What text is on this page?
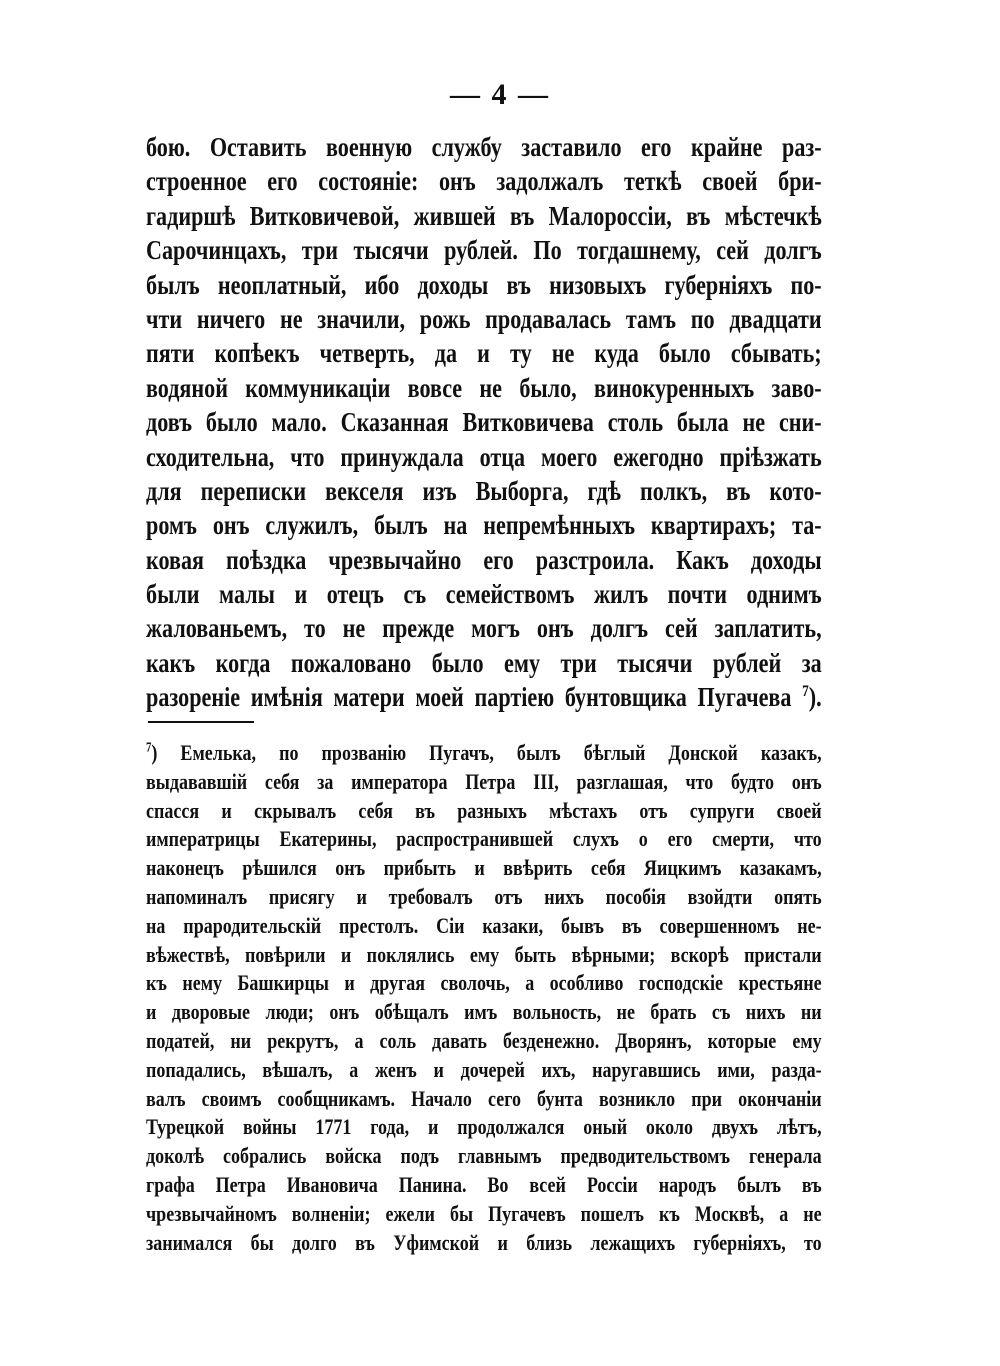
— 4 —
бою. Оставить военную службу заставило его крайне раз-
строенное его состоянiе: онъ задолжалъ теткѣ своей бри-
гадиршѣ Витковичевой, жившей въ Малороссiи, въ мѣстечкѣ
Сарочинцахъ, три тысячи рублей. По тогдашнему, сей долгъ
былъ неоплатный, ибо доходы въ низовыхъ губернiяхъ по-
чти ничего не значили, рожь продавалась тамъ по двадцати
пяти копѣекъ четверть, да и ту не куда было сбывать;
водяной коммуникацiи вовсе не было, винокуренныхъ заво-
довъ было мало. Сказанная Витковичева столь была не сни-
сходительна, что принуждала отца моего ежегодно прiѣзжать
для переписки векселя изъ Выборга, гдѣ полкъ, въ кото-
ромъ онъ служилъ, былъ на непремѣнныхъ квартирахъ; та-
ковая поѣздка чрезвычайно его разстроила. Какъ доходы
были малы и отецъ съ семействомъ жилъ почти однимъ
жалованьемъ, то не прежде могъ онъ долгъ сей заплатить,
какъ когда пожаловано было ему три тысячи рублей за
разоренiе имѣнiя матери моей партiею бунтовщика Пугачева $^7$).
$^7$) Емелька, по прозванiю Пугачъ, былъ бѣглый Донской казакъ,
выдававшiй себя за императора Петра III, разглашая, что будто онъ
спасся и скрывалъ себя въ разныхъ мѣстахъ отъ супруги своей
императрицы Екатерины, распространившей слухъ о его смерти, что
наконецъ рѣшился онъ прибыть и ввѣрить себя Яицкимъ казакамъ,
напоминалъ присягу и требовалъ отъ нихъ пособiя взойдти опять
на прародительскiй престолъ. Сiи казаки, бывъ въ совершенномъ не-
вѣжествѣ, повѣрили и поклялись ему быть вѣрными; вскорѣ пристали
къ нему Башкирцы и другая сволочь, а особливо господскiе крестьяне
и дворовые люди; онъ обѣщалъ имъ вольность, не брать съ нихъ ни
податей, ни рекрутъ, а соль давать безденежно. Дворянъ, которые ему
попадались, вѣшалъ, а женъ и дочерей ихъ, наругавшись ими, разда-
валъ своимъ сообщникамъ. Начало сего бунта возникло при окончанiи
Турецкой войны 1771 года, и продолжался оный около двухъ лѣтъ,
доколѣ собрались войска подъ главнымъ предводительствомъ генерала
графа Петра Ивановича Панина. Во всей Россiи народъ былъ въ
чрезвычайномъ волненiи; ежели бы Пугачевъ пошелъ къ Москвѣ, а не
занимался бы долго въ Уфимской и близь лежащихъ губернiяхъ, то
